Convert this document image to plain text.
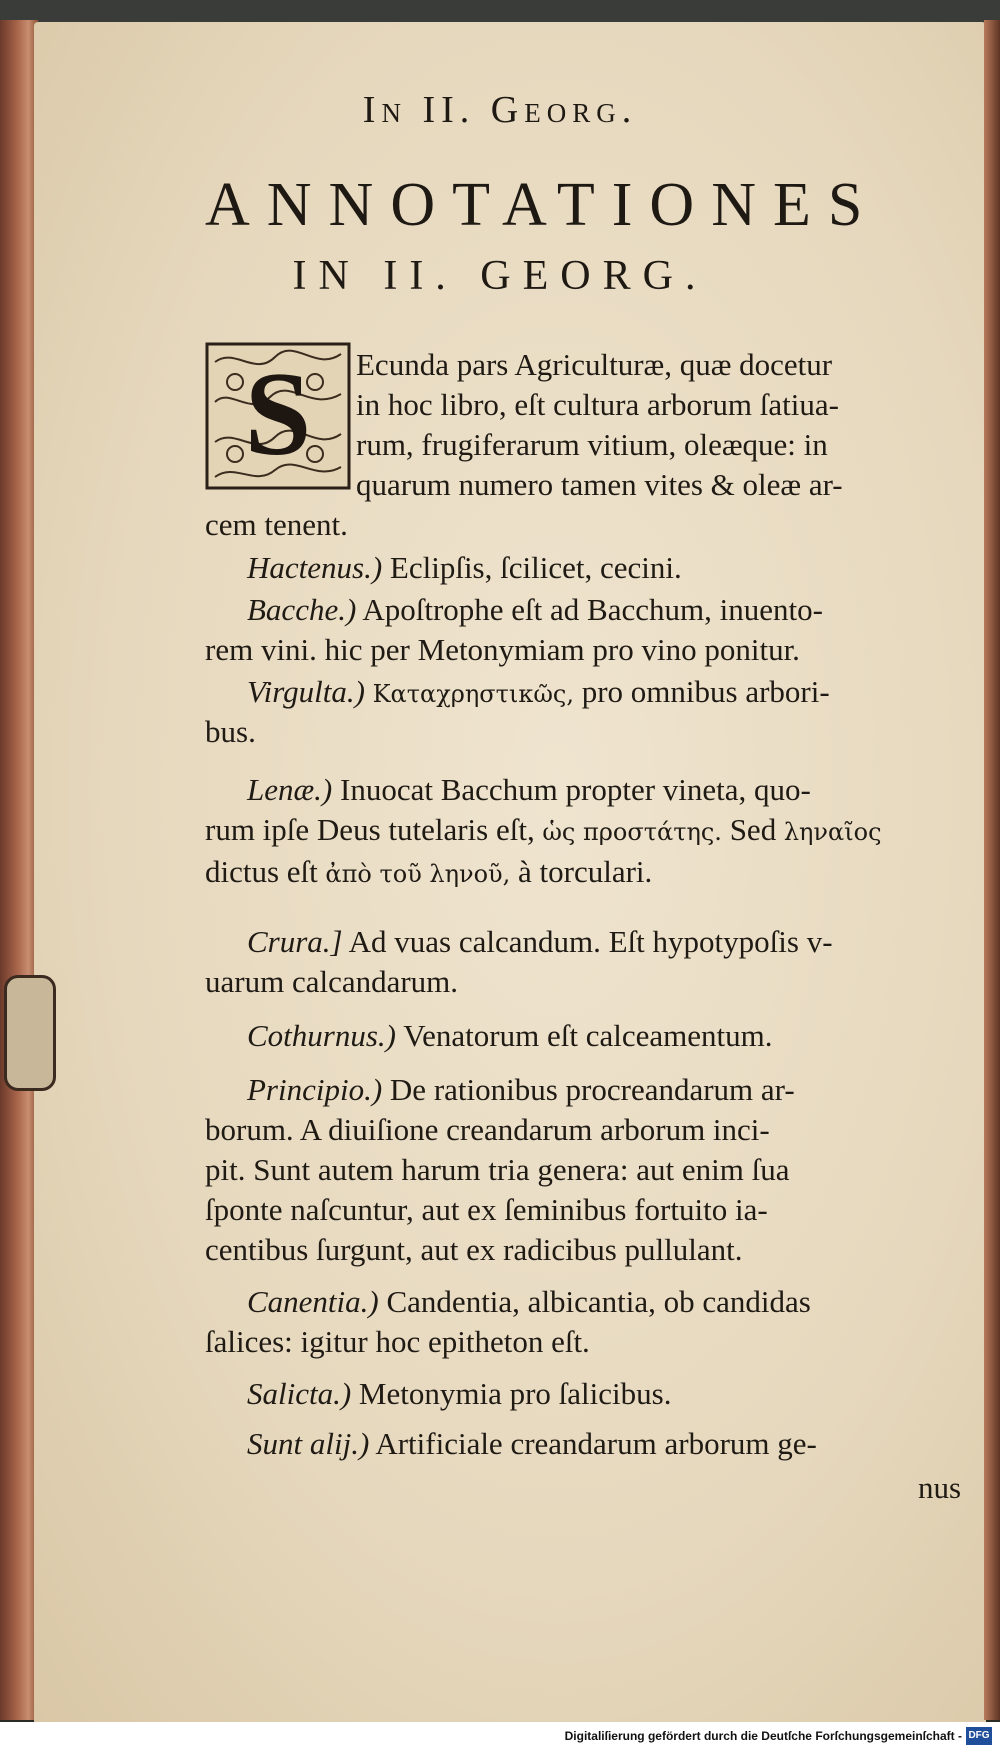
In II. Georg.
ANNOTATIONES
IN II. GEORG.
S Ecunda pars Agriculturæ, quæ docetur
in hoc libro, eſt cultura arborum ſatiua-
rum, frugiferarum vitium, oleæque: in
quarum numero tamen vites & oleæ ar-
cem tenent.
Hactenus.) Eclipſis, ſcilicet, cecini.
Bacche.) Apoſtrophe eſt ad Bacchum, inuento-
rem vini. hic per Metonymiam pro vino ponitur.
Virgulta.) Καταχρηστικῶς, pro omnibus arbori-
bus.
Lenæ.) Inuocat Bacchum propter vineta, quo-
rum ipſe Deus tutelaris eſt, ὡς προστάτης. Sed ληναῖος
dictus eſt ἀπὸ τοῦ ληνοῦ, à torculari.
Crura.] Ad vuas calcandum. Eſt hypotypoſis v-
uarum calcandarum.
Cothurnus.) Venatorum eſt calceamentum.
Principio.) De rationibus procreandarum ar-
borum. A diuiſione creandarum arborum inci-
pit. Sunt autem harum tria genera: aut enim ſua
ſponte naſcuntur, aut ex ſeminibus fortuito ia-
centibus ſurgunt, aut ex radicibus pullulant.
Canentia.) Candentia, albicantia, ob candidas
ſalices: igitur hoc epitheton eſt.
Salicta.) Metonymia pro ſalicibus.
Sunt alij.) Artificiale creandarum arborum ge-
nus
Digitaliſierung gefördert durch die Deutſche Forſchungsgemeinſchaft - DFG
